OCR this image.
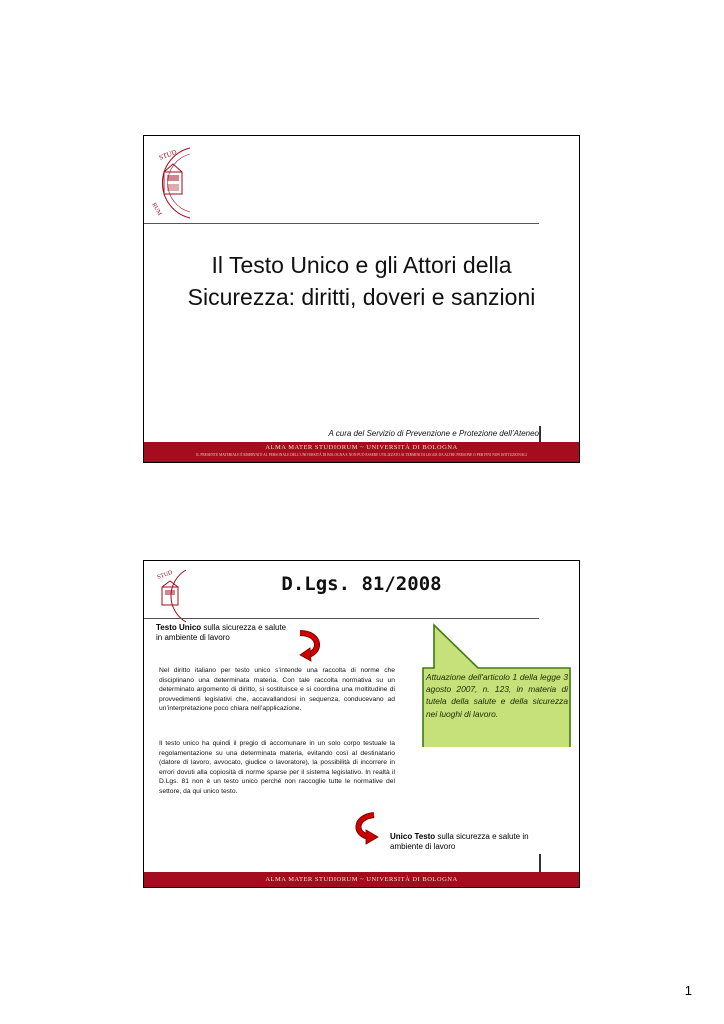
STUD
RUM
Il Testo Unico e gli Attori della
Sicurezza: diritti, doveri e sanzioni
A cura del Servizio di Prevenzione e Protezione dell’Ateneo
ALMA MATER STUDIORUM ~ UNIVERSITÀ DI BOLOGNA
IL PRESENTE MATERIALE È RISERVATO AL PERSONALE DELL'UNIVERSITÀ DI BOLOGNA E NON PUÒ ESSERE UTILIZZATO AI TERMINI DI LEGGE DA ALTRE PERSONE O PER FINI NON ISTITUZIONALI
STUD	D.Lgs. 81/2008
Testo Unico sulla sicurezza e salute in ambiente di lavoro
Nel diritto italiano per testo unico s’intende una raccolta di norme che disciplinano una determinata materia. Con tale raccolta normativa su un determinato argomento di diritto, si sostituisce e si coordina una moltitudine di provvedimenti legislativi che, accavallandosi in sequenza, conducevano ad un’interpretazione poco chiara nell’applicazione.
Il testo unico ha quindi il pregio di accomunare in un solo corpo testuale la regolamentazione su una determinata materia, evitando così al destinatario (datore di lavoro, avvocato, giudice o lavoratore), la possibilità di incorrere in errori dovuti alla copiosità di norme sparse per il sistema legislativo. In realtà il D.Lgs. 81 non è un testo unico perché non raccoglie tutte le normative del settore, da qui unico testo.
Attuazione dell'articolo 1 della legge 3 agosto 2007, n. 123, in materia di tutela della salute e della sicurezza nei luoghi di lavoro.
Unico Testo sulla sicurezza e salute in ambiente di lavoro
ALMA MATER STUDIORUM ~ UNIVERSITÀ DI BOLOGNA
1
